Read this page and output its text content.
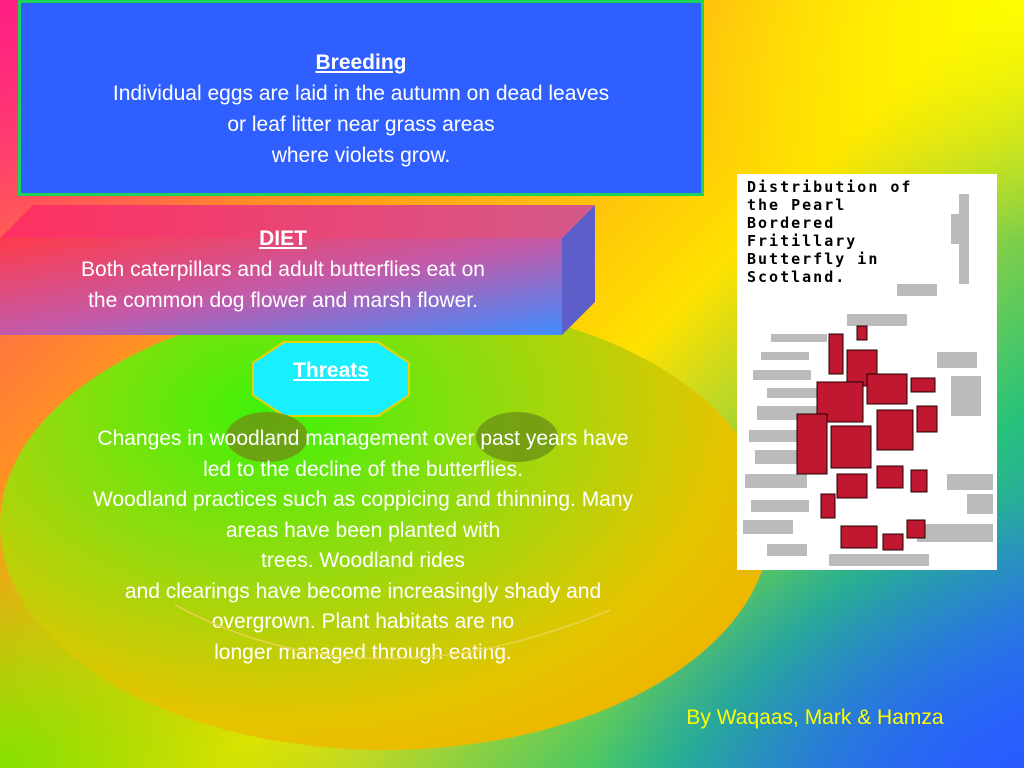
Breeding
Individual eggs are laid in the autumn on dead leaves
or leaf litter near grass areas
where violets grow.
DIET
Both caterpillars and adult butterflies eat on
the common dog flower and marsh flower.
Threats
Changes in woodland management over past years have
led to the decline of the butterflies.
Woodland practices such as coppicing and thinning. Many
areas have been planted with
trees. Woodland rides
and clearings have become increasingly shady and
overgrown. Plant habitats are no
longer managed through eating.
Distribution of
the Pearl
Bordered
Fritillary
Butterfly in
Scotland.
By Waqaas, Mark & Hamza
